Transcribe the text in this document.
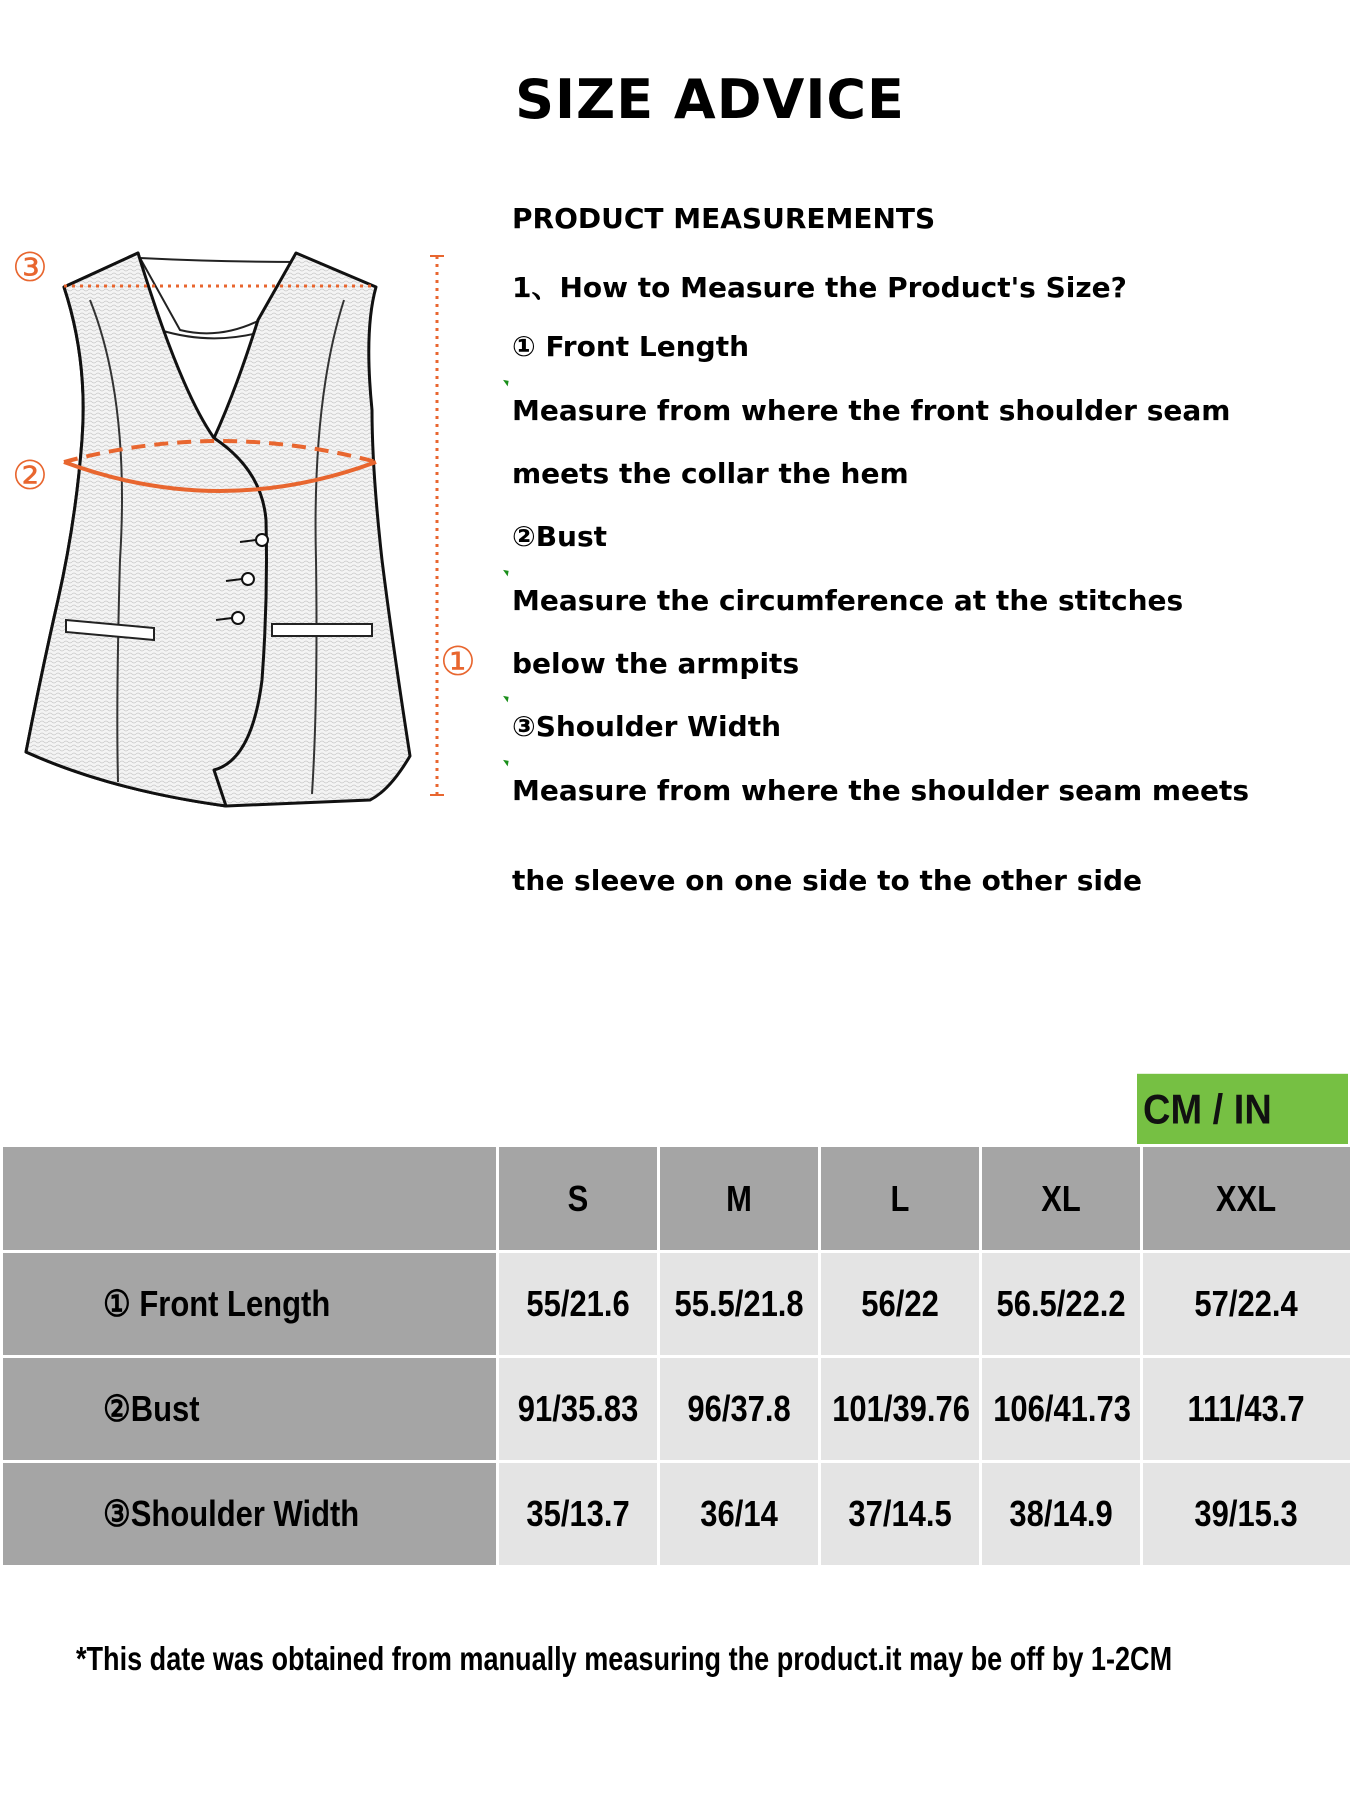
SIZE ADVICE
③
②
①
PRODUCT MEASUREMENTS
1、How to Measure the Product's Size?
① Front Length
Measure from where the front shoulder seam
meets the collar the hem
②Bust
Measure the circumference at the stitches
below the armpits
③Shoulder Width
Measure from where the shoulder seam meets
the sleeve on one side to the other side
CM / IN
	S	M	L	XL	XXL
① Front Length	55/21.6	55.5/21.8	56/22	56.5/22.2	57/22.4
②Bust	91/35.83	96/37.8	101/39.76	106/41.73	111/43.7
③Shoulder Width	35/13.7	36/14	37/14.5	38/14.9	39/15.3
*This date was obtained from manually measuring the product.it may be off by 1-2CM
